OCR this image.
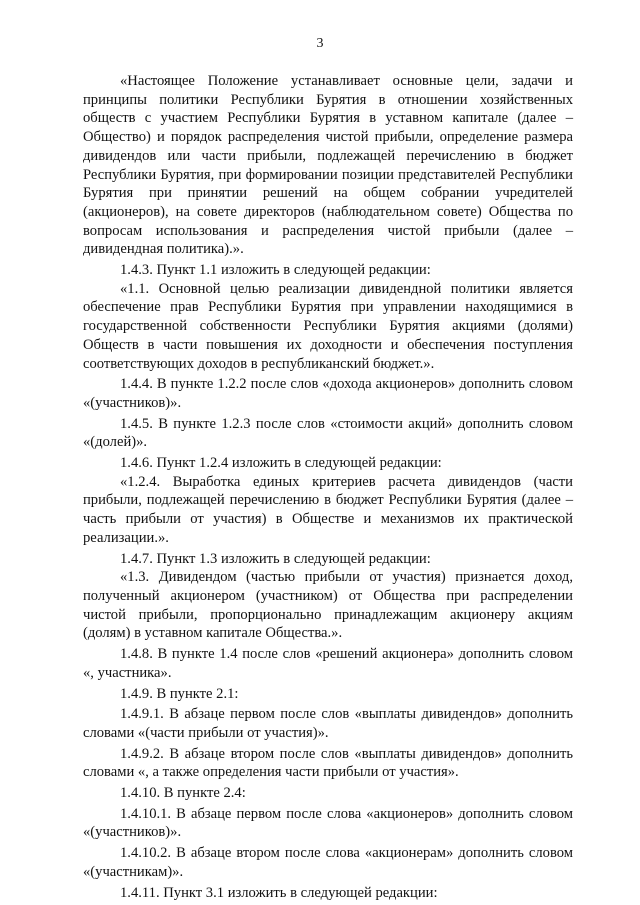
3

«Настоящее Положение устанавливает основные цели, задачи и принципы политики Республики Бурятия в отношении хозяйственных обществ с участием Республики Бурятия в уставном капитале (далее – Общество) и порядок распределения чистой прибыли, определение размера дивидендов или части прибыли, подлежащей перечислению в бюджет Республики Бурятия, при формировании позиции представителей Республики Бурятия при принятии решений на общем собрании учредителей (акционеров), на совете директоров (наблюдательном совете) Общества по вопросам использования и распределения чистой прибыли (далее – дивидендная политика).».

1.4.3. Пункт 1.1 изложить в следующей редакции:

«1.1. Основной целью реализации дивидендной политики является обеспечение прав Республики Бурятия при управлении находящимися в государственной собственности Республики Бурятия акциями (долями) Обществ в части повышения их доходности и обеспечения поступления соответствующих доходов в республиканский бюджет.».

1.4.4. В пункте 1.2.2 после слов «дохода акционеров» дополнить словом «(участников)».

1.4.5. В пункте 1.2.3 после слов «стоимости акций» дополнить словом «(долей)».

1.4.6. Пункт 1.2.4 изложить в следующей редакции:

«1.2.4. Выработка единых критериев расчета дивидендов (части прибыли, подлежащей перечислению в бюджет Республики Бурятия (далее – часть прибыли от участия) в Обществе и механизмов их практической реализации.».

1.4.7. Пункт 1.3 изложить в следующей редакции:

«1.3. Дивидендом (частью прибыли от участия) признается доход, полученный акционером (участником) от Общества при распределении чистой прибыли, пропорционально принадлежащим акционеру акциям (долям) в уставном капитале Общества.».

1.4.8. В пункте 1.4 после слов «решений акционера» дополнить словом «, участника».

1.4.9. В пункте 2.1:

1.4.9.1. В абзаце первом после слов «выплаты дивидендов» дополнить словами «(части прибыли от участия)».

1.4.9.2. В абзаце втором после слов «выплаты дивидендов» дополнить словами «, а также определения части прибыли от участия».

1.4.10. В пункте 2.4:

1.4.10.1. В абзаце первом после слова «акционеров» дополнить словом «(участников)».

1.4.10.2. В абзаце втором после слова «акционерам» дополнить словом «(участникам)».

1.4.11. Пункт 3.1 изложить в следующей редакции:
